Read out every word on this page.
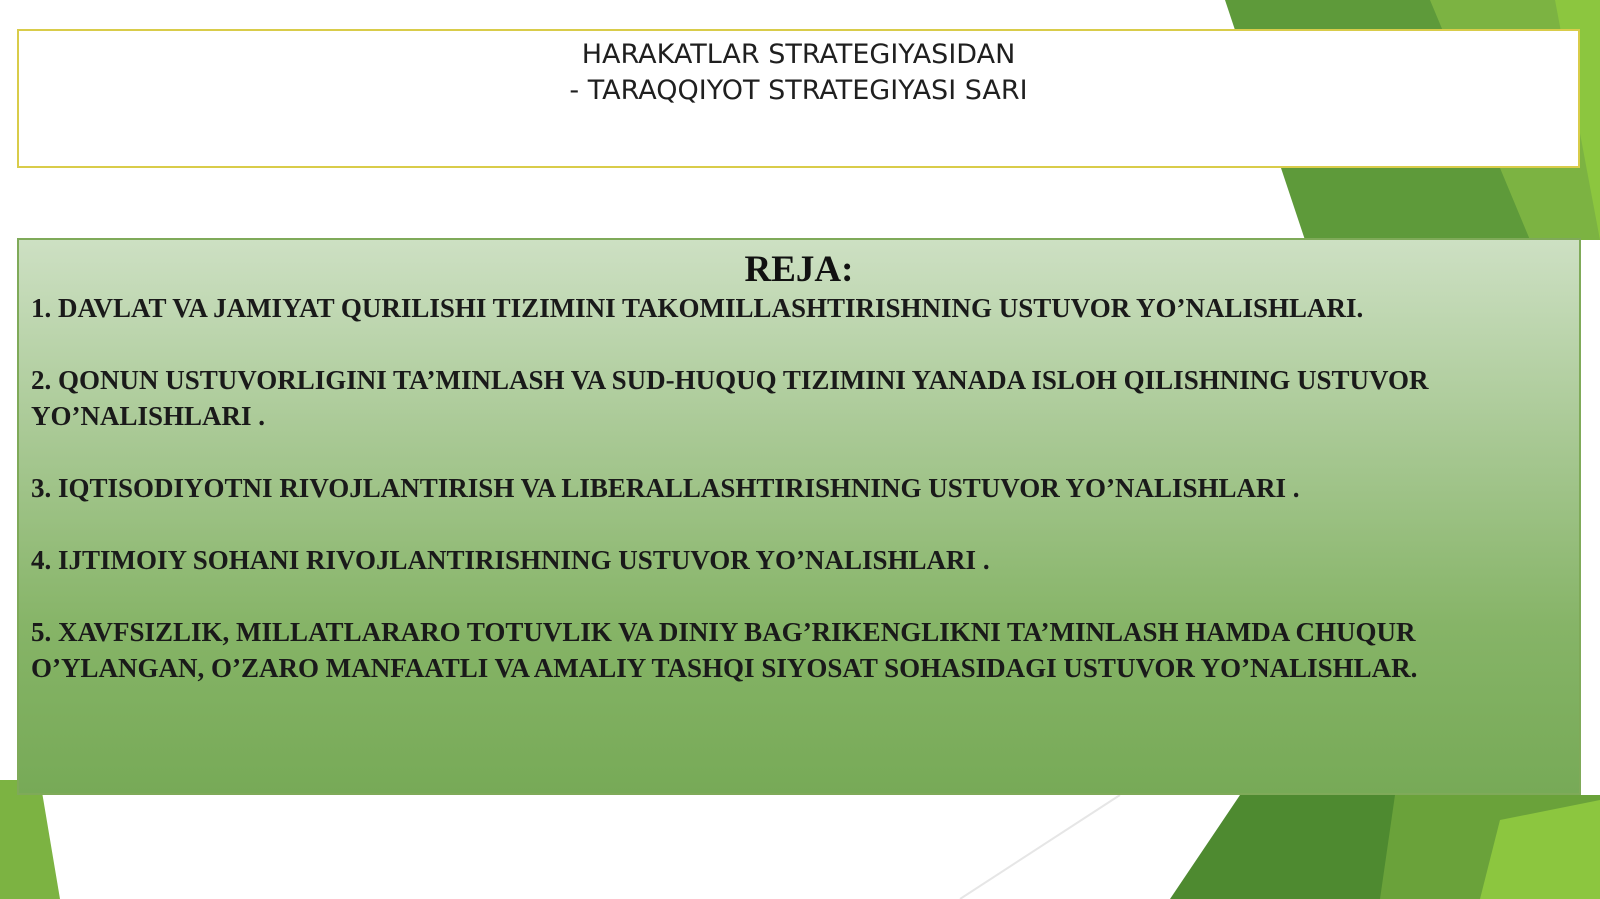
HARAKATLAR STRATEGIYASIDAN
- TARAQQIYOT STRATEGIYASI SARI
REJA:
1. DAVLAT VA JAMIYAT QURILISHI TIZIMINI TAKOMILLASHTIRISHNING USTUVOR YO’NALISHLARI.
2. QONUN USTUVORLIGINI TA’MINLASH VA SUD-HUQUQ TIZIMINI YANADA ISLOH QILISHNING USTUVOR YO’NALISHLARI .
3. IQTISODIYOTNI RIVOJLANTIRISH VA LIBERALLASHTIRISHNING USTUVOR YO’NALISHLARI .
4. IJTIMOIY SOHANI RIVOJLANTIRISHNING USTUVOR YO’NALISHLARI .
5. XAVFSIZLIK, MILLATLARARO TOTUVLIK VA DINIY BAG’RIKENGLIKNI TA’MINLASH HAMDA CHUQUR O’YLANGAN, O’ZARO MANFAATLI VA AMALIY TASHQI SIYOSAT SOHASIDAGI USTUVOR YO’NALISHLAR.
